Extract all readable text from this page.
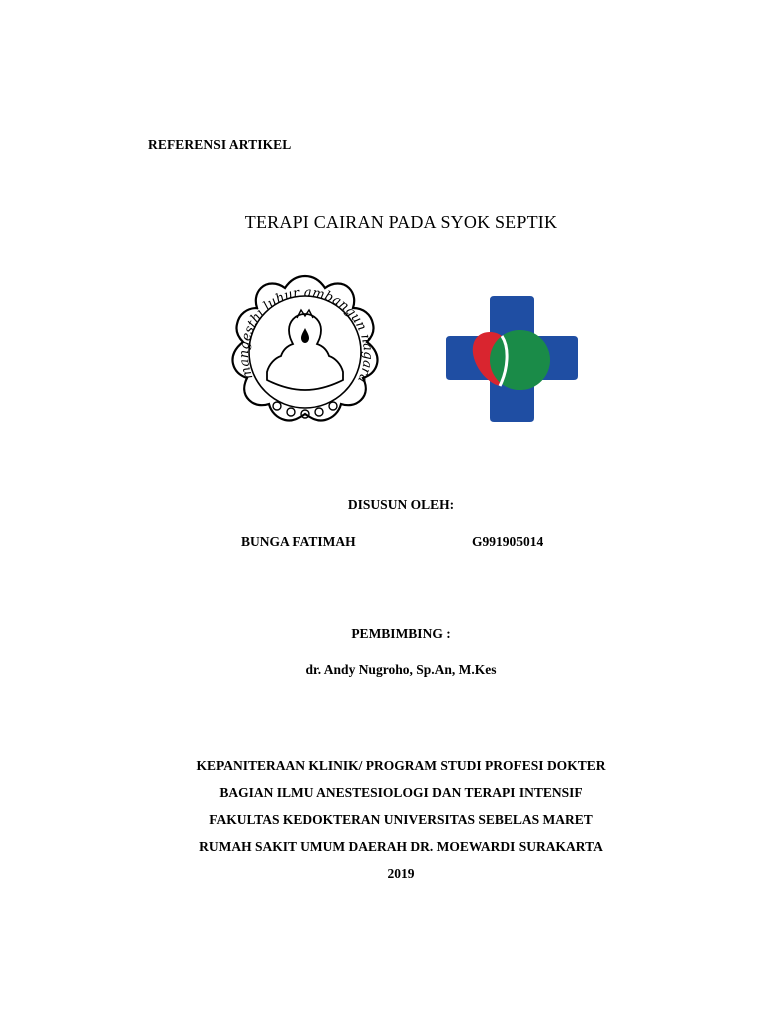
REFERENSI ARTIKEL
TERAPI CAIRAN PADA SYOK SEPTIK
mangesthi luhur ambangun nagara
DISUSUN OLEH:
BUNGA FATIMAH	G991905014
PEMBIMBING :
dr. Andy Nugroho, Sp.An, M.Kes
KEPANITERAAN KLINIK/ PROGRAM STUDI PROFESI DOKTER
BAGIAN ILMU ANESTESIOLOGI DAN TERAPI INTENSIF
FAKULTAS KEDOKTERAN UNIVERSITAS SEBELAS MARET
RUMAH SAKIT UMUM DAERAH DR. MOEWARDI SURAKARTA
2019
